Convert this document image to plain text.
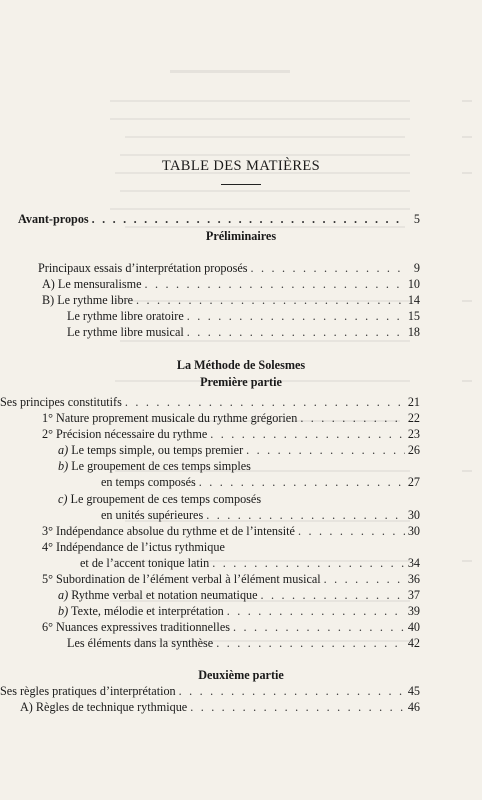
TABLE DES MATIÈRES
Avant-propos . . .	5
Préliminaires
Principaux essais d’interprétation proposés . . .	9
A) Le mensuralisme . . .	10
B) Le rythme libre . . .	14
Le rythme libre oratoire . . .	15
Le rythme libre musical . . .	18
La Méthode de Solesmes
Première partie
Ses principes constitutifs . . .	21
1° Nature proprement musicale du rythme grégorien . . .	22
2° Précision nécessaire du rythme . . .	23
a) Le temps simple, ou temps premier . . .	26
b) Le groupement de ces temps simples
en temps composés . . .	27
c) Le groupement de ces temps composés
en unités supérieures . . .	30
3° Indépendance absolue du rythme et de l’intensité . . .	30
4° Indépendance de l’ictus rythmique
et de l’accent tonique latin . . .	34
5° Subordination de l’élément verbal à l’élément musical . . .	36
a) Rythme verbal et notation neumatique . . .	37
b) Texte, mélodie et interprétation . . .	39
6° Nuances expressives traditionnelles . . .	40
Les éléments dans la synthèse . . .	42
Deuxième partie
Ses règles pratiques d’interprétation . . .	45
A) Règles de technique rythmique . . .	46
